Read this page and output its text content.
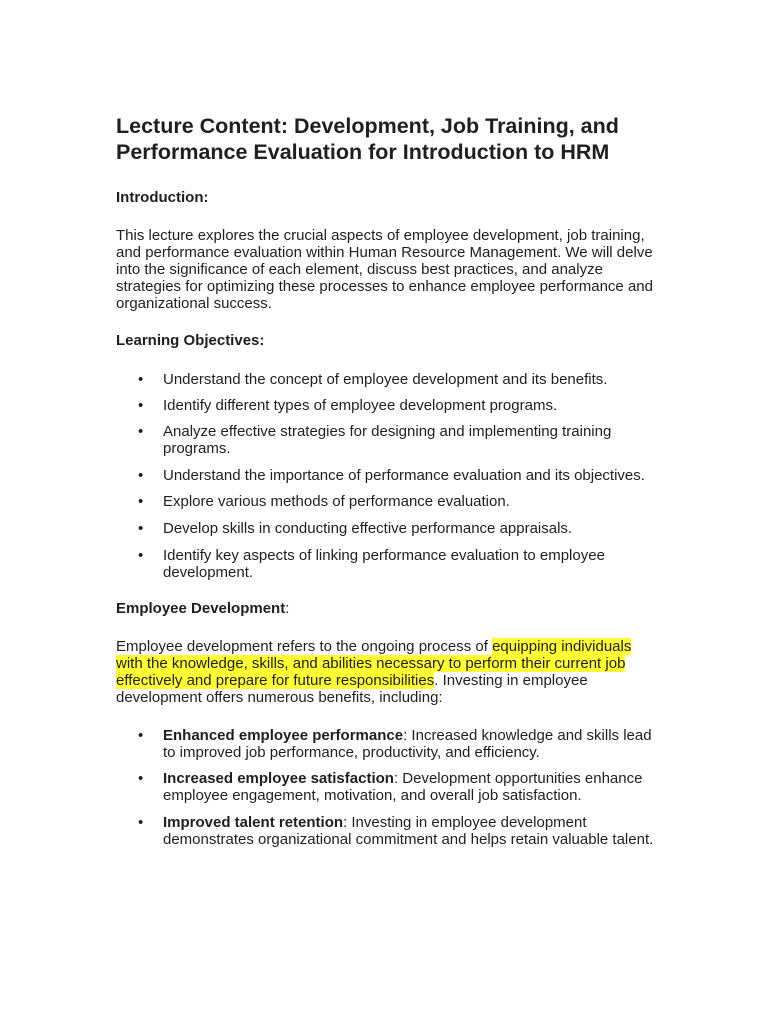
Lecture Content: Development, Job Training, and Performance Evaluation for Introduction to HRM
Introduction:

This lecture explores the crucial aspects of employee development, job training, and performance evaluation within Human Resource Management. We will delve into the significance of each element, discuss best practices, and analyze strategies for optimizing these processes to enhance employee performance and organizational success.

Learning Objectives:
• Understand the concept of employee development and its benefits.
• Identify different types of employee development programs.
• Analyze effective strategies for designing and implementing training programs.
• Understand the importance of performance evaluation and its objectives.
• Explore various methods of performance evaluation.
• Develop skills in conducting effective performance appraisals.
• Identify key aspects of linking performance evaluation to employee development.
Employee Development:

Employee development refers to the ongoing process of equipping individuals with the knowledge, skills, and abilities necessary to perform their current job effectively and prepare for future responsibilities. Investing in employee development offers numerous benefits, including:

• Enhanced employee performance: Increased knowledge and skills lead to improved job performance, productivity, and efficiency.
• Increased employee satisfaction: Development opportunities enhance employee engagement, motivation, and overall job satisfaction.
• Improved talent retention: Investing in employee development demonstrates organizational commitment and helps retain valuable talent.
